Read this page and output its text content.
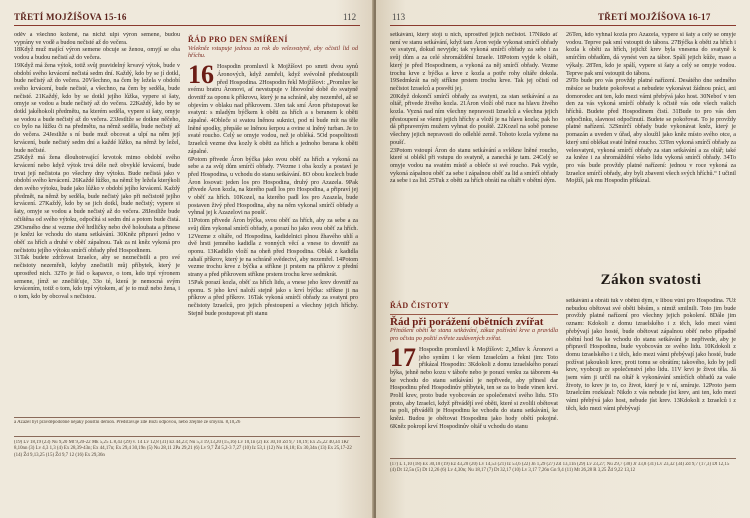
TŘETÍ MOJŽÍŠOVA 15-16	112

oděv a všechno kožené, na nichž ulpí výron semene, budou vyprány ve vodě a budou nečisté až do večera.

18Když muž mající výron semene obcuje se ženou, omyjí se oba vodou a budou nečistí až do večera.

19Když má žena výtok, totiž svůj pravidelný krvavý výtok, bude v období svého krvácení nečistá sedm dní. Každý, kdo by se jí dotkl, bude nečistý až do večera. 20Všechno, na čem by ležela v období svého krvácení, bude nečisté, a všechno, na čem by seděla, bude nečisté. 21Každý, kdo by se dotkl jejího lůžka, vypere si šaty, omyje se vodou a bude nečistý až do večera. 22Každý, kdo by se dotkl jakéhokoli předmětu, na kterém seděla, vypere si šaty, omyje se vodou a bude nečistý až do večera. 23Jestliže se dotkne něčeho, co bylo na lůžku či na předmětu, na němž seděla, bude nečistý až do večera. 24Jestliže s ní bude muž obcovat a ulpí na něm její krvácení, bude nečistý sedm dní a každé lůžko, na němž by ležel, bude nečisté.

25Když má žena dlouhotrvající krvotok mimo období svého krvácení nebo když výtok trvá déle než obvyklé krvácení, bude trvat její nečistota po všechny dny výtoku. Bude nečistá jako v období svého krvácení. 26Každé lůžko, na němž by ležela kterýkoli den svého výtoku, bude jako lůžko v období jejího krvácení. Každý předmět, na němž by seděla, bude nečistý jako při nečistotě jejího krvácení. 27Každý, kdo by se jich dotkl, bude nečistý; vypere si šaty, omyje se vodou a bude nečistý až do večera. 28Jestliže bude očištěna od svého výtoku, odpočítá si sedm dní a potom bude čistá. 29Osmého dne si vezme dvě hrdličky nebo dvě holoubata a přinese je knězi ke vchodu do stanu setkávání. 30Kněz připraví jedno v oběť za hřích a druhé v oběť zápalnou. Tak za ni kněz vykoná pro nečistotu jejího výtoku smírčí obřady před Hospodinem.

31Tak budete zdržovat Izraelce, aby se neznečistili a pro své nečistoty nezemřeli, kdyby znečistili můj příbytek, který je uprostřed nich. 32To je řád o kapavce, o tom, kdo trpí výronem semene, jímž se znečišťuje, 33o té, která je nemocná svým krvácením, totiž o tom, kdo trpí výtokem, ať je to muž nebo žena, i o tom, kdo by obcoval s nečistou.

ŘÁD PRO DEN SMÍŘENÍ
Velekněz vstupuje jednou za rok do velesvatyně, aby očistil lid od hříchu.
16 Hospodin promluvil k Mojžíšovi po smrti dvou synů Áronových, když zemřeli, když svévolně předstoupili před Hospodina. 2Hospodin řekl Mojžíšovi: „Promluv ke svému bratru Áronovi, ať nevstupuje v libovolné době do svatyně dovnitř za oponu k příkrovu, který je na schráně, aby nezemřel, až se objevím v oblaku nad příkrovem. 3Jen tak smí Áron přistupovat ke svatyni: s mladým býčkem k oběti za hřích a s beranem k oběti zápalné. 4Obleče si svatou lněnou suknici, pod ní bude mít na těle lněné spodky, přepáše se lněnou šerpou a ovine si lněný turban. Je to svaté roucho. Celý se omyje vodou, než je obléká. 5Od pospolitosti Izraelců vezme dva kozly k oběti za hřích a jednoho berana k oběti zápalné.

6Potom přivede Áron býčka jako svou oběť za hřích a vykoná za sebe a za svůj dům smírčí obřady. 7Vezme i oba kozly a postaví je před Hospodina, u vchodu do stanu setkávání. 8O obou kozlech bude Áron losovat: jeden los pro Hospodina, druhý pro Azazela. 9Pak přivede Áron kozla, na kterého padl los pro Hospodina, a připraví jej v oběť za hřích. 10Kozel, na kterého padl los pro Azazela, bude postaven živý před Hospodina, aby na něm vykonal smírčí obřady a vyhnal jej k Azazelovi na poušť.

11Potom přivede Áron býčka, svou oběť za hřích, aby za sebe a za svůj dům vykonal smírčí obřady, a porazí ho jako svou oběť za hřích. 12Vezme z oltáře, od Hospodina, kadidelnici plnou žhavého uhlí a dvě hrsti jemného kadidla z vonných věcí a vnese to dovnitř za oponu. 13Kadidlo vloží na oheň před Hospodina. Oblak z kadidla zahalí příkrov, který je na schráně svědectví, aby nezemřel. 14Potom vezme trochu krve z býčka a stříkne ji prstem na příkrov z přední strany a před příkrovem stříkne prstem trochu krve sedmkrát.

15Pak porazí kozla, oběť za hřích lidu, a vnese jeho krev dovnitř za oponu. S jeho krví naloží stejně jako s krví býčka: stříkne ji na příkrov a před příkrov. 16Tak vykoná smírčí obřady za svatyni pro nečistoty Izraelců, pro jejich přestoupení a všechny jejich hříchy. Stejně bude postupovat při stanu

a Azazel byl pravděpodobně nějaký pouštní démon. Představuje zde Boží odpovou, nebo zřejmě ze smyslu. 8,10,26
(19) Lv 18,19 (23) Nu 9,20 Mt 9,20-22 Mk 5,25 L 8,43 (29) v. 14 Lv 12,8 (31) Ez 44,23; Nu 5,3 19,13,20 (15,16) Lv 10,1n (2) Ex 30,10 Žd 9,7 10,19; Ex 25,22 40,34 1Kr 8,10nn (3) Lv 4,3 1,3 (4) Ex 28,39-43n; Ex 44,17n; Ex 29,4 30,19n (5) Nu 28,11 2Pa 29,21 (6) Lv 9,7 Žd 5,2-3 7,27 (10) Iz 53,1 (12) Nu 16,18; Ex 30,34n (13) Ex 25,17-22 (14) Žd 9,13,25 (15) Žd 9,7 12 (16) Ex 29,36n
113	TŘETÍ MOJŽÍŠOVA 16-17

setkávání, který stojí u nich, uprostřed jejich nečistot. 17Nikdo ať není ve stanu setkávání, když tam Áron vejde vykonat smírčí obřady ve svatyni, dokud nevyjde; tak vykoná smírčí obřady za sebe i za svůj dům a za celé shromáždění Izraele. 18Potom vyjde k oltáři, který je před Hospodinem, a vykoná za něj smírčí obřady. Vezme trochu krve z býčka a krve z kozla a potře rohy oltáře dokola. 19Sedmkrát na něj stříkne prstem trochu krve. Tak jej očistí od nečistot Izraelců a posvětí jej.

20Když dokončí smírčí obřady za svatyni, za stan setkávání a za oltář, přivede živého kozla. 21Áron vloží obě ruce na hlavu živého kozla. Vyzná nad ním všechny nepravosti Izraelců a všechna jejich přestoupení se všemi jejich hříchy a vloží je na hlavu kozla; pak ho dá připraveným mužem vyhnat do pouště. 22Kozel na sobě ponese všechny jejich nepravosti do odlehlé země. Tohoto kozla vyžene na poušť.

23Potom vstoupí Áron do stanu setkávání a svlékne lněné roucho, které si oblékl při vstupu do svatyně, a zanechá je tam. 24Celý se omyje vodou na svatém místě a obleče si své roucho. Pak vyjde, vykoná zápalnou oběť za sebe i zápalnou oběť za lid a smírčí obřady za sebe i za lid. 25Tuk z oběti za hřích obrátí na oltáři v obětní dým.

26Ten, kdo vyhnal kozla pro Azazela, vypere si šaty a celý se omyje vodou. Teprve pak smí vstoupit do tábora. 27Býčka k oběti za hřích i kozla k oběti za hřích, jejichž krev byla vnesena do svatyně k smírčím obřadům, dá vynést ven za tábor. Spálí jejich kůže, maso a výkaly. 28Ten, kdo je spálí, vypere si šaty a celý se omyje vodou. Teprve pak smí vstoupit do tábora.

29To bude pro vás provždy platné nařízení. Desátého dne sedmého měsíce se budete pokořovat a nebudete vykonávat žádnou práci, ani domorodec ani ten, kdo mezi vámi přebývá jako host. 30Neboť v ten den za vás vykoná smírčí obřady k očistě vás ode všech vašich hříchů. Budete před Hospodinem čistí. 31Bude to pro vás den odpočinku, slavnost odpočinutí. Budete se pokořovat. To je provždy platné nařízení. 32Smírčí obřady bude vykonávat kněz, který je pomazán a uveden v úřad, aby sloužil jako kněz místo svého otce, a který smí oblékat svaté lněné roucho. 33Ten vykoná smírčí obřady za velesvatyni, vykoná smírčí obřady za stan setkávání a za oltář; také za kněze i za shromáždění všeho lidu vykoná smírčí obřady. 34To pro vás bude provždy platné nařízení: jednou v roce vykoná za Izraelce smírčí obřady, aby byli zbaveni všech svých hříchů.“ I učinil Mojžíš, jak mu Hospodin přikázal.

Zákon svatosti
ŘÁD ČISTOTY
Řád při porážení obětních zvířat
Přinášení obětí ke stanu setkávání, zákaz požívání krve a pravidla pro očistu po požití zvířete zadávených zvířat.
17 Hospodin promluvil k Mojžíšovi: 2„Mluv k Áronovi a jeho synům i ke všem Izraelcům a řekni jim: Toto přikázal Hospodin: 3Kdokoli z domu izraelského porazí býka, jehně nebo kozu v táboře nebo je porazí venku za táborem 4a ke vchodu do stanu setkávání je nepřivede, aby přinesl dar Hospodinu před Hospodinův příbytek, ten se za to bude vinen krví. Prolil krev, proto bude vyobcován ze společenství svého lidu. 5To proto, aby Izraelci, když přivádějí své oběti, které si zvolili obětovat na poli, přiváděli je Hospodinu ke vchodu do stanu setkávání, ke knězi. Budou je obětovat Hospodinu jako hody obětí pokojné. 6Kněz pokropí krví Hospodinův oltář u vchodu do stanu

setkávání a obrátí tuk v obětní dým, v libou vůni pro Hospodina. 7Už nebudou obětovat své oběti běsům, s nimiž smilnili. Toto jim bude provždy platné nařízení pro všechny jejich pokolení. 8Dále jim oznam: Kdokoli z domu izraelského i z těch, kdo mezi vámi přebývají jako hosté, bude obětovat zápalnou oběť nebo případně obětní hod 9a ke vchodu do stanu setkávání je nepřivede, aby je připravil Hospodinu, bude vyobcován ze svého lidu. 10Kdokoli z domu izraelského i z těch, kdo mezi vámi přebývají jako hosté, bude požívat jakoukoli krev, proti tomu se obrátím; takového, kdo by jedl krev, vyobcuji ze společenství jeho lidu. 11V krvi je život těla. Já jsem vám ji určil na oltář k vykonávání smírčích obřadů za vaše životy, to krev je to, co život, který je v ní, smíruje. 12Proto jsem Izraelcům rozkázal: Nikdo z vás nebude jíst krev, ani ten, kdo mezi vámi přebývá jako host, nebude jíst krev. 13Kdokoli z Izraelců i z těch, kdo mezi vámi přebývají

(17) L 1,10 (18) Ex 30,10 (19) Ez 43,20 (20) Lv 14,53 (21) Iz 53,6 (22) Jn 1,29 (27) Žd 13,11n (29) Lv 23,27; Nu 29,7 (30) Jr 33,8 (31) Lv 23,32 (34) Žd 9,7 (17,3) Dt 12,15 (4) Dt 12,5n (5) Dt 12,26 (6) Lv 4,30n; Nu 18,17 (7) Dt 32,17 (10) Lv 3,17 7,26n Gn 9,4 (11) Mt 26,28 R 3,25 Žd 9,22 13,12
